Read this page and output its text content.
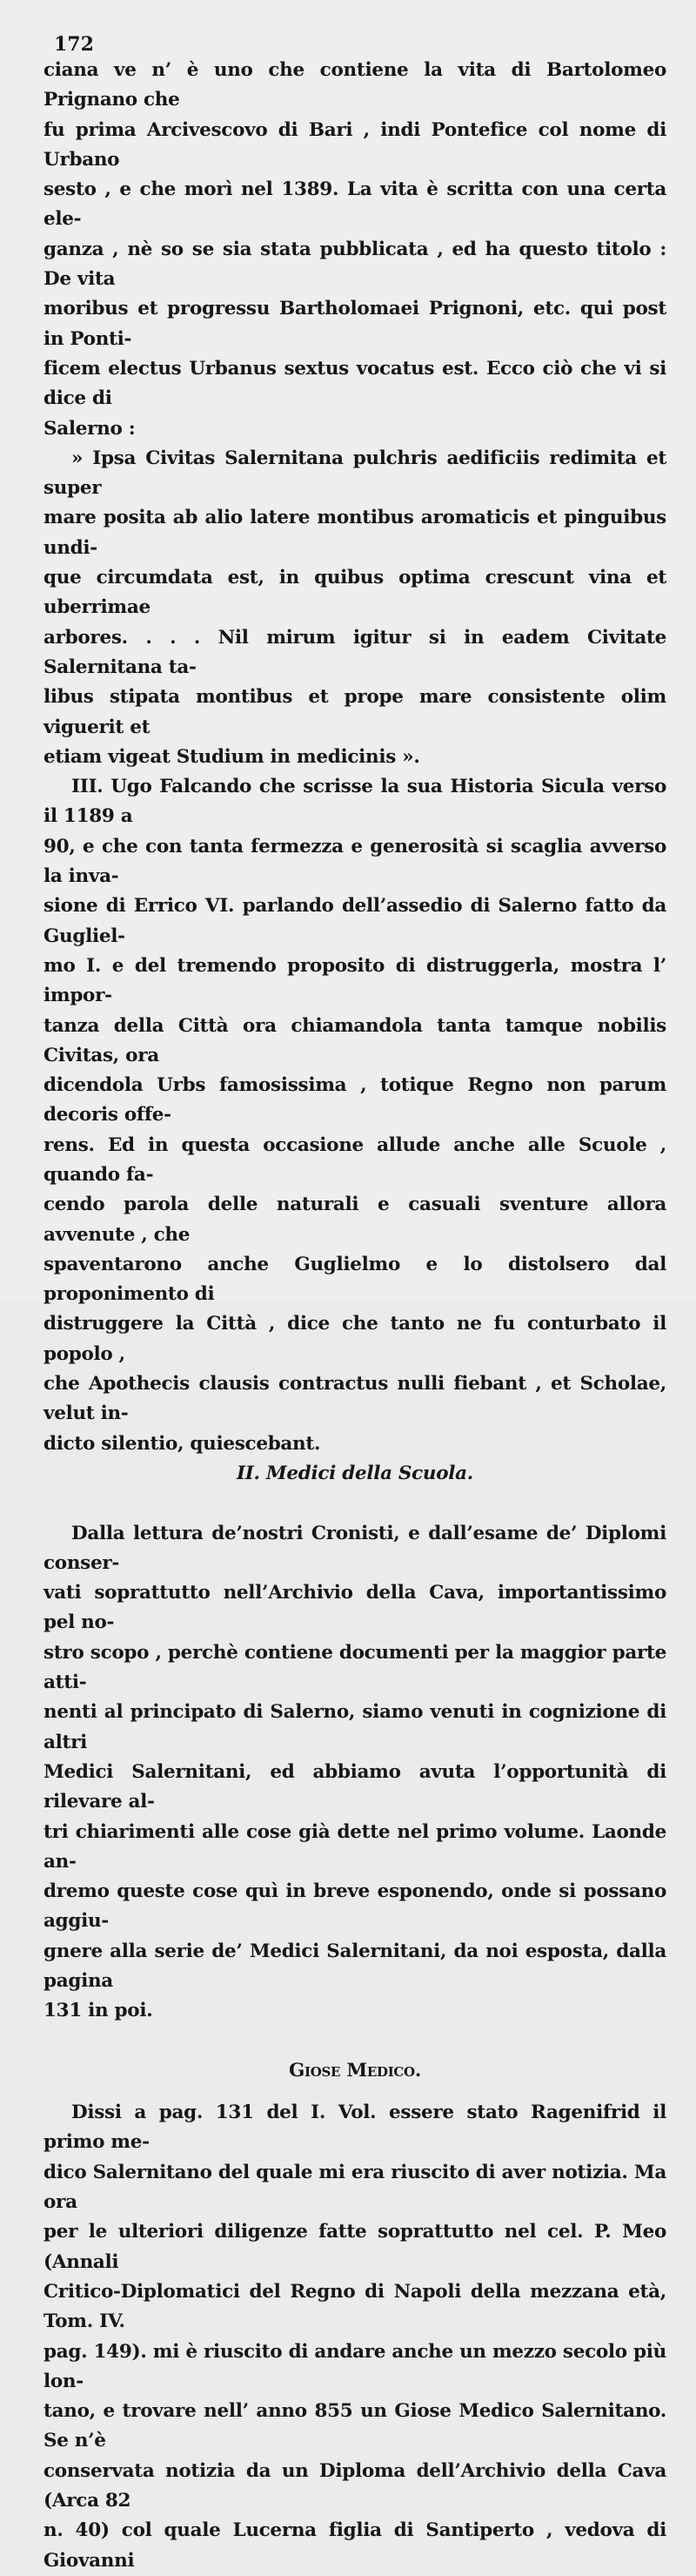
172

ciana ve n’ è uno che contiene la vita di Bartolomeo Prignano che

fu prima Arcivescovo di Bari , indi Pontefice col nome di Urbano

sesto , e che morì nel 1389. La vita è scritta con una certa ele-

ganza , nè so se sia stata pubblicata , ed ha questo titolo : De vita

moribus et progressu Bartholomaei Prignoni, etc. qui post in Ponti-

ficem electus Urbanus sextus vocatus est. Ecco ciò che vi si dice di

Salerno :

» Ipsa Civitas Salernitana pulchris aedificiis redimita et super

mare posita ab alio latere montibus aromaticis et pinguibus undi-

que circumdata est, in quibus optima crescunt vina et uberrimae

arbores. . . . Nil mirum igitur si in eadem Civitate Salernitana ta-

libus stipata montibus et prope mare consistente olim viguerit et

etiam vigeat Studium in medicinis ».

III. Ugo Falcando che scrisse la sua Historia Sicula verso il 1189 a

90, e che con tanta fermezza e generosità si scaglia avverso la inva-

sione di Errico VI. parlando dell’assedio di Salerno fatto da Gugliel-

mo I. e del tremendo proposito di distruggerla, mostra l’ impor-

tanza della Città ora chiamandola tanta tamque nobilis Civitas, ora

dicendola Urbs famosissima , totique Regno non parum decoris offe-

rens. Ed in questa occasione allude anche alle Scuole , quando fa-

cendo parola delle naturali e casuali sventure allora avvenute , che

spaventarono anche Guglielmo e lo distolsero dal proponimento di

distruggere la Città , dice che tanto ne fu conturbato il popolo ,

che Apothecis clausis contractus nulli fiebant , et Scholae, velut in-

dicto silentio, quiescebant.

II. Medici della Scuola.

Dalla lettura de’nostri Cronisti, e dall’esame de’ Diplomi conser-

vati soprattutto nell’Archivio della Cava, importantissimo pel no-

stro scopo , perchè contiene documenti per la maggior parte atti-

nenti al principato di Salerno, siamo venuti in cognizione di altri

Medici Salernitani, ed abbiamo avuta l’opportunità di rilevare al-

tri chiarimenti alle cose già dette nel primo volume. Laonde an-

dremo queste cose quì in breve esponendo, onde si possano aggiu-

gnere alla serie de’ Medici Salernitani, da noi esposta, dalla pagina

131 in poi.

Giose Medico.

Dissi a pag. 131 del I. Vol. essere stato Ragenifrid il primo me-

dico Salernitano del quale mi era riuscito di aver notizia. Ma ora

per le ulteriori diligenze fatte soprattutto nel cel. P. Meo (Annali

Critico-Diplomatici del Regno di Napoli della mezzana età, Tom. IV.

pag. 149). mi è riuscito di andare anche un mezzo secolo più lon-

tano, e trovare nell’ anno 855 un Giose Medico Salernitano. Se n’è

conservata notizia da un Diploma dell’Archivio della Cava (Arca 82

n. 40) col quale Lucerna figlia di Santiperto , vedova di Giovanni
